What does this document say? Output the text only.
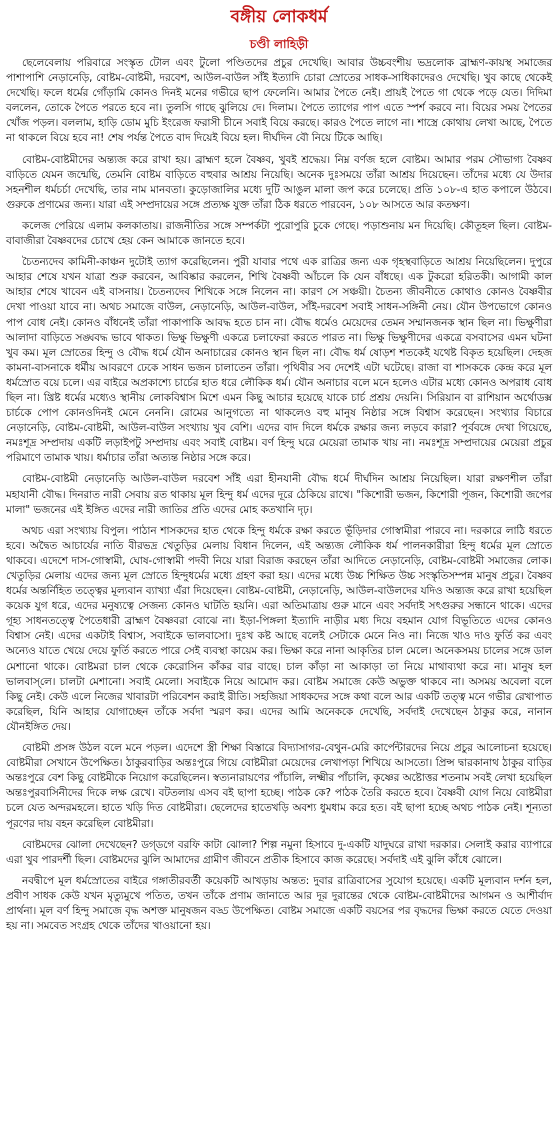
বঙ্গীয় লোকধর্ম
চণ্ডী লাহিড়ী

ছেলেবেলায় পরিবারে সংস্কৃত টোল এবং টুলো পণ্ডিতদের প্রচুর দেখেছি। আবার উচ্চবংশীয় ভদ্রলোক ব্রাহ্মণ-কায়স্থ সমাজের পাশাপাশি নেড়ানেড়ি, বোষ্টম-বোষ্টমী, দরবেশ, আউল-বাউল সাঁই ইত্যাদি চোরা স্রোতের সাধক-সাধিকাদেরও দেখেছি। খুব কাছে থেকেই দেখেছি। ফলে ধর্মের গোঁড়ামি কোনও দিনই মনের গভীরে ছাপ ফেলেনি। আমার পৈতে নেই। প্রায়ই পৈতে গা থেকে পড়ে যেত। দিদিমা বললেন, তোকে পৈতে পরতে হবে না। তুলসি গাছে ঝুলিয়ে দে। দিলাম। পৈতে ত্যাগের পাপ এতে স্পর্শ করবে না। বিয়ের সময় পৈতের খোঁজ পড়ল। বললাম, হাড়ি ডোম মুচি ইংরেজ ফরাসী চীনে সবাই বিয়ে করছে। কারও পৈতে লাগে না। শাস্ত্রে কোথায় লেখা আছে, পৈতে না থাকলে বিয়ে হবে না! শেষ পর্যন্ত পৈতে বাদ দিয়েই বিয়ে হল। দীর্ঘদিন বৌ নিয়ে টিকে আছি।

বোষ্টম-বোষ্টমীদের অন্ত্যজ করে রাখা হয়। ব্রাহ্মণ হলে বৈষ্ণব, খুবই শ্রদ্ধেয়। নিম্ন বর্ণজ হলে বোষ্টম। আমার পরম সৌভাগ্য বৈষ্ণব বাড়িতে যেমন জন্মেছি, তেমনি বোষ্টম বাড়িতে বহুবার আশ্রয় নিয়েছি। অনেক দুঃসময়ে তাঁরা আশ্রয় দিয়েছেন। তাঁদের মধ্যে যে উদার সহনশীল ধর্মচর্চা দেখেছি, তার নাম মানবতা। কুড়োজালির মধ্যে দুটি আঙুল মালা জপ করে চলেছে। প্রতি ১০৮-এ হাত কপালে উঠবে। গুরুকে প্রণামের জন্য। যারা এই সম্প্রদায়ের সঙ্গে প্রত্যক্ষ যুক্ত তাঁরা ঠিক ধরতে পারবেন, ১০৮ আসতে আর কতক্ষণ।

কলেজ পেরিয়ে এলাম কলকাতায়। রাজনীতির সঙ্গে সম্পর্কটা পুরোপুরি চুকে গেছে। পড়াশুনায় মন দিয়েছি। কৌতূহল ছিল। বোষ্টম-বাবাজীরা বৈষ্ণবদের চোখে হেয় কেন আমাকে জানতে হবে।

চৈতন্যদেব কামিনী-কাঞ্চন দুটোই ত্যাগ করেছিলেন। পুরী যাবার পথে এক রাত্রির জন্য এক গৃহস্থবাড়িতে আশ্রয় নিয়েছিলেন। দুপুরে আহার শেষে যখন যাত্রা শুরু করবেন, আবিষ্কার করলেন, শিখি বৈষ্ণবী আঁচলে কি যেন বাঁধছে। এক টুকরো হরিতকী। আগামী কাল আহার শেষে খাবেন এই বাসনায়। চৈতন্যদেব শিখিকে সঙ্গে নিলেন না। কারণ সে সঞ্চয়ী। চৈতন্য জীবনীতে কোথাও কোনও বৈষ্ণবীর দেখা পাওয়া যাবে না। অথচ সমাজে বাউল, নেড়ানেড়ি, আউল-বাউল, সাঁই-দরবেশ সবাই সাধন-সঙ্গিনী নেয়। যৌন উপভোগে কোনও পাপ বোধ নেই। কোনও বাঁধনেই তাঁরা পাকাপাকি আবদ্ধ হতে চান না। বৌদ্ধ ধর্মেও মেয়েদের তেমন সম্মানজনক স্থান ছিল না। ভিক্ষুণীরা আলাদা বাড়িতে সঙ্ঘবদ্ধ ভাবে থাকত। ভিক্ষু ভিক্ষুণী একত্রে চলাফেরা করতে পারত না। ভিক্ষু ভিক্ষুণীদের একত্রে বসবাসের এমন ঘটনা খুব কম। মূল স্রোতের হিন্দু ও বৌদ্ধ ধর্মে যৌন অনাচারের কোনও স্থান ছিল না। বৌদ্ধ ধর্ম ষোড়শ শতকেই যথেষ্ট বিকৃত হয়েছিল। দেহজ কামনা-বাসনাকে ধর্মীয় আবরণে ঢেকে সাধন ভজন চালাতেন তাঁরা। পৃথিবীর সব দেশেই এটা ঘটেছে। রাজা বা শাসককে কেন্দ্র করে মূল ধর্মস্রোত বয়ে চলে। এর বাইরে অপ্রকাশ্যে চার্চের হাত ধরে লৌকিক ধর্ম। যৌন অনাচার বলে মনে হলেও এটার মধ্যে কোনও অপরাধ বোধ ছিল না। খ্রিষ্ট ধর্মের মধ্যেও স্থানীয় লোকবিশ্বাস মিশে এমন কিছু আচার হয়েছে যাকে চার্চ প্রশ্রয় দেয়নি। সিরিয়ান বা রাশিয়ান অর্থোডক্স চার্চকে পোপ কোনওদিনই মেনে নেননি। রোমের আনুগত্যে না থাকলেও বহু মানুষ নিষ্ঠার সঙ্গে বিশ্বাস করেছেন। সংখ্যার বিচারে নেড়ানেড়ি, বোষ্টম-বোষ্টমী, আউল-বাউল সংখ্যায় খুব বেশি। এদের বাদ দিলে ধর্মকে রক্ষার জন্য লড়বে কারা? পূর্ববঙ্গে দেখা গিয়েছে, নমঃশূদ্র সম্প্রদায় একটি লড়াইপটু সম্প্রদায় এবং সবাই বোষ্টম। বর্ণ হিন্দু ঘরে মেয়েরা তামাক খায় না। নমঃশূদ্র সম্প্রদায়ের মেয়েরা প্রচুর পরিমাণে তামাক খায়। ধর্মাচার তাঁরা অত্যন্ত নিষ্ঠার সঙ্গে করে।

বোষ্টম-বোষ্টমী নেড়ানেড়ি আউল-বাউল দরবেশ সাঁই এরা হীনযানী বৌদ্ধ ধর্মে দীর্ঘদিন আশ্রয় নিয়েছিল। যারা রক্ষণশীল তাঁরা মহাযানী বৌদ্ধ। দিনরাত নারী সেবায় রত থাকায় মূল হিন্দু ধর্ম এদের দূরে ঠেকিয়ে রাখে। "কিশোরী ভজন, কিশোরী পূজন, কিশোরী জপের মালা" ভজনের এই ইঙ্গিত এদের নারী জাতির প্রতি এদের মোহ কতখানি দৃঢ়।

অথচ এরা সংখ্যায় বিপুল। পাঠান শাসকদের হাত থেকে হিন্দু ধর্মকে রক্ষা করতে ভূঁড়িদার গোস্বামীরা পারবে না। দরকারে লাঠি ধরতে হবে। অদ্বৈত আচার্যের নাতি বীরভদ্র খেতুড়ির মেলায় বিধান দিলেন, এই অন্ত্যজ লৌকিক ধর্ম পালনকারীরা হিন্দু ধর্মের মূল স্রোতে থাকবে। এদেশে দাস-গোস্বামী, ঘোষ-গোস্বামী পদবী নিয়ে যারা বিরাজ করছেন তাঁরা আদিতে নেড়ানেড়ি, বোষ্টম-বোষ্টমী সমাজের লোক। খেতুড়ির মেলায় এদের জন্য মূল স্রোতে হিন্দুধর্মের মধ্যে গ্রহণ করা হয়। এদের মধ্যে উচ্চ শিক্ষিত উচ্চ সংস্কৃতিসম্পন্ন মানুষ প্রচুর। বৈষ্ণব ধর্মের অন্তর্নিহিত তত্ত্বের মূল্যবান ব্যাখ্যা এঁরা দিয়েছেন। বোষ্টম-বোষ্টমী, নেড়ানেড়ি, আউল-বাউলদের যদিও অন্ত্যজ করে রাখা হয়েছিল কয়েক যুগ ধরে, এদের মনুষ্যত্বে সেজন্য কোনও ঘাটতি হয়নি। এরা অতিমাত্রায় গুরু মানে এবং সর্বদাই সৎগুরুর সন্ধানে থাকে। এদের গূহ্য সাধনতত্ত্বে পৈতেধারী ব্রাহ্মণ বৈষ্ণবরা বোঝে না। ইড়া-পিঙ্গলা ইত্যাদি নাড়ীর মধ্য দিয়ে বহমান যোগ বিভূতিতে এদের কোনও বিশ্বাস নেই। এদের একটাই বিশ্বাস, সবাইকে ভালবাসো। দুঃখ কষ্ট আছে বলেই সেটাকে মেনে নিও না। নিজে খাও দাও ফুর্তি কর এবং অন্যেও যাতে খেয়ে দেয়ে ফুর্তি করতে পারে সেই ব্যবস্থা কায়েম কর। ভিক্ষা করে নানা আকৃতির চাল মেলে। অনেকসময় চালের সঙ্গে ডাল মেশানো থাকে। বোষ্টমরা চাল থেকে কেরোসিন কাঁকর বার বাছে। চাল কাঁড়া না আকাড়া তা নিয়ে মাথাব্যথা করে না। মানুষ হল ভালবাস্‌লে। চালটা মেশানো। সবাই মেলো। সবাইকে নিয়ে আমোদ কর। বোষ্টম সমাজে কেউ অভুক্ত থাকবে না। অসময় অবেলা বলে কিছু নেই। কেউ এলে নিজের খাবারটা পরিবেশন করাই রীতি। সহজিয়া সাধকদের সঙ্গে কথা বলে আর একটি তত্ত্ব মনে গভীর রেখাপাত করেছিল, যিনি আহার যোগাচ্ছেন তাঁকে সর্বদা স্মরণ কর। এদের আমি অনেককে দেখেছি, সর্বদাই দেখেছেন ঠাকুর করে, নানান যৌনইঙ্গিত দেয়।

বোষ্টমী প্রসঙ্গ উঠল বলে মনে পড়ল। এদেশে স্ত্রী শিক্ষা বিস্তারে বিদ্যাসাগর-বেথুন-মেরি কার্পেন্টারদের নিয়ে প্রচুর আলোচনা হয়েছে। বোষ্টমীরা সেখানে উপেক্ষিত। ঠাকুরবাড়ির অন্তঃপুরে গিয়ে বোষ্টমীরা মেয়েদের লেখাপড়া শিখিয়ে আসতো। প্রিন্স দ্বারকানাথ ঠাকুর বাড়ির অন্তঃপুরে বেশ কিছু বোষ্টমীকে নিয়োগ করেছিলেন। স্বত্যনারায়ণের পাঁচালি, লক্ষ্মীর পাঁচালি, কৃষ্ণের অষ্টোত্তর শতনাম সবই লেখা হয়েছিল অন্তঃপুরবাসিনীদের দিকে লক্ষ রেখে। বটতলায় এসব বই ছাপা হচ্ছে। পাঠক কে? পাঠক তৈরি করতে হবে। বৈষ্ণবী যোগ নিয়ে বোষ্টমীরা চলে যেত অন্দরমহলে। হাতে খড়ি দিত বোষ্টমীরা। ছেলেদের হাতেখড়ি অবশ্য ধুমধাম করে হত। বই ছাপা হচ্ছে অথচ পাঠক নেই। শূন্যতা পূরণের দায় বহন করেছিল বোষ্টমীরা।

বোষ্টমদের ঝোলা দেখেছেন? ডগ্‌ডগে বরফি কাটা ঝোলা? শিল্প নমুনা হিসাবে দু-একটি যাদুঘরে রাখা দরকার। সেলাই করার ব্যাপারে এরা খুব পারদর্শী ছিল। বোষ্টমদের ঝুলি আমাদের গ্রামীণ জীবনে প্রতীক হিসাবে কাজ করেছে। সর্বদাই এই ঝুলি কাঁধে ঝোলে।

নবদ্বীপে মূল ধর্মস্রোতের বাইরে গঙ্গাতীরবর্তী কয়েকটি আখড়ায় অন্তত: দুবার রাত্রিবাসের সুযোগ হয়েছে। একটি মূল্যবান দর্শন হল, প্রবীণ সাধক কেউ যখন মৃত্যুমুখে পতিত, তখন তাঁকে প্রণাম জানাতে আর দূর দুরান্তের থেকে বোষ্টম-বোষ্টমীদের আগমন ও আশীর্বাদ প্রার্থনা। মূল বর্ণ হিন্দু সমাজে বৃদ্ধ অশক্ত মানুষজন বড্ড উপেক্ষিত। বোষ্টম সমাজে একটি বয়সের পর বৃদ্ধদের ভিক্ষা করতে যেতে দেওয়া হয় না। সমবেত সংগ্রহ থেকে তাঁদের খাওয়ানো হয়।
